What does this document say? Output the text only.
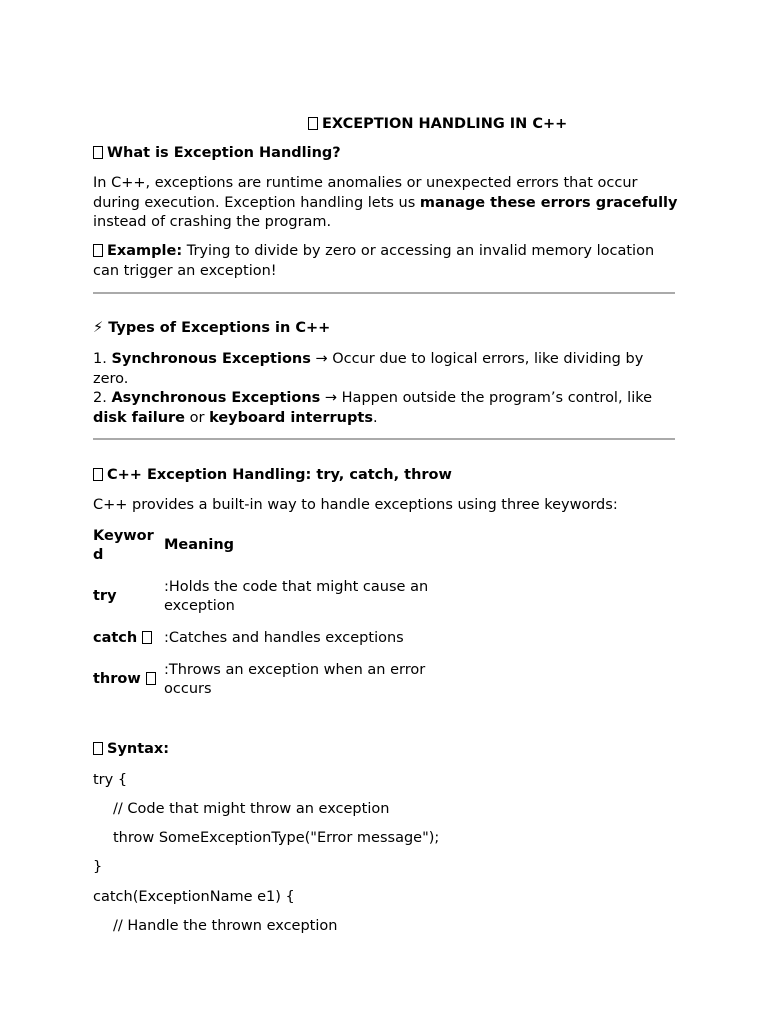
EXCEPTION HANDLING IN C++

What is Exception Handling?

In C++, exceptions are runtime anomalies or unexpected errors that occur during execution. Exception handling lets us manage these errors gracefully instead of crashing the program.

Example: Trying to divide by zero or accessing an invalid memory location can trigger an exception!

⚡ Types of Exceptions in C++

1. Synchronous Exceptions → Occur due to logical errors, like dividing by zero.

2. Asynchronous Exceptions → Happen outside the program’s control, like disk failure or keyboard interrupts.

C++ Exception Handling: try, catch, throw

C++ provides a built-in way to handle exceptions using three keywords:

Keyword	Meaning
try	:Holds the code that might cause an exception
catch	:Catches and handles exceptions
throw	:Throws an exception when an error occurs

Syntax:

try {

// Code that might throw an exception

throw SomeExceptionType("Error message");

}

catch(ExceptionName e1) {

// Handle the thrown exception
